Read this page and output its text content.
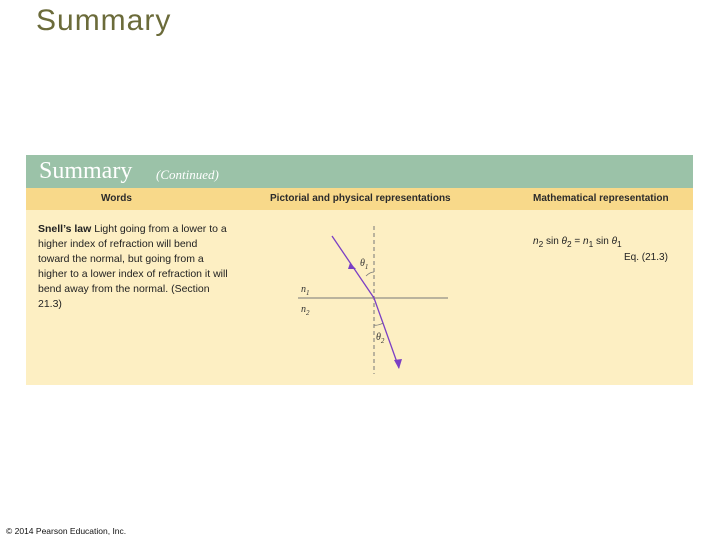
Summary
Summary (Continued)
Words	Pictorial and physical representations	Mathematical representation
Snell’s law Light going from a lower to a higher index of refraction will bend toward the normal, but going from a higher to a lower index of refraction it will bend away from the normal. (Section 21.3)
$n_2$ $\sin \theta_2 = n_1$ $\sin \theta_1$
Eq. (21.3)
$\theta_1$
$\theta_2$
$n_1$
$n_2$
© 2014 Pearson Education, Inc.
